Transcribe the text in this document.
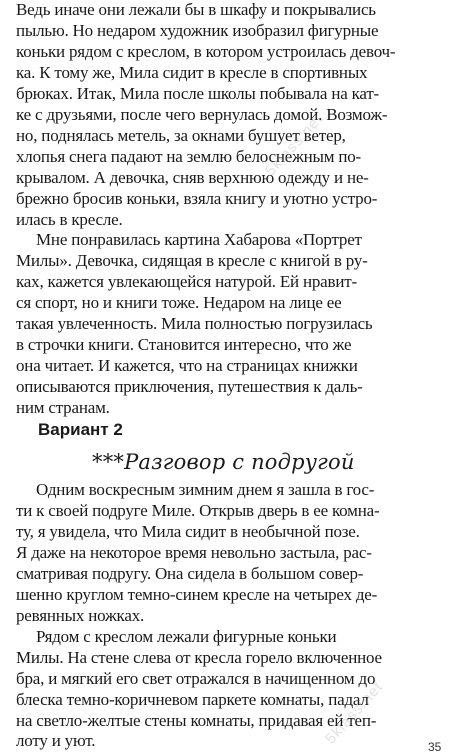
Ведь иначе они лежали бы в шкафу и покрывались
пылью. Но недаром художник изобразил фигурные
коньки рядом с креслом, в котором устроилась девоч-
ка. К тому же, Мила сидит в кресле в спортивных
брюках. Итак, Мила после школы побывала на кат-
ке с друзьями, после чего вернулась домой. Возмож-
но, поднялась метель, за окнами бушует ветер,
хлопья снега падают на землю белоснежным по-
крывалом. А девочка, сняв верхнюю одежду и не-
брежно бросив коньки, взяла книгу и уютно устро-
илась в кресле.
Мне понравилась картина Хабарова «Портрет
Милы». Девочка, сидящая в кресле с книгой в ру-
ках, кажется увлекающейся натурой. Ей нравит-
ся спорт, но и книги тоже. Недаром на лице ее
такая увлеченность. Мила полностью погрузилась
в строчки книги. Становится интересно, что же
она читает. И кажется, что на страницах книжки
описываются приключения, путешествия к даль-
ним странам.
Вариант 2
***Разговор с подругой
Одним воскресным зимним днем я зашла в гос-
ти к своей подруге Миле. Открыв дверь в ее комна-
ту, я увидела, что Мила сидит в необычной позе.
Я даже на некоторое время невольно застыла, рас-
сматривая подругу. Она сидела в большом совер-
шенно круглом темно-синем кресле на четырех де-
ревянных ножках.
Рядом с креслом лежали фигурные коньки
Милы. На стене слева от кресла горело включенное
бра, и мягкий его свет отражался в начищенном до
блеска темно-коричневом паркете комнаты, падал
на светло-желтые стены комнаты, придавая ей теп-
лоту и уют.
5klass.net
5klass.net	35
